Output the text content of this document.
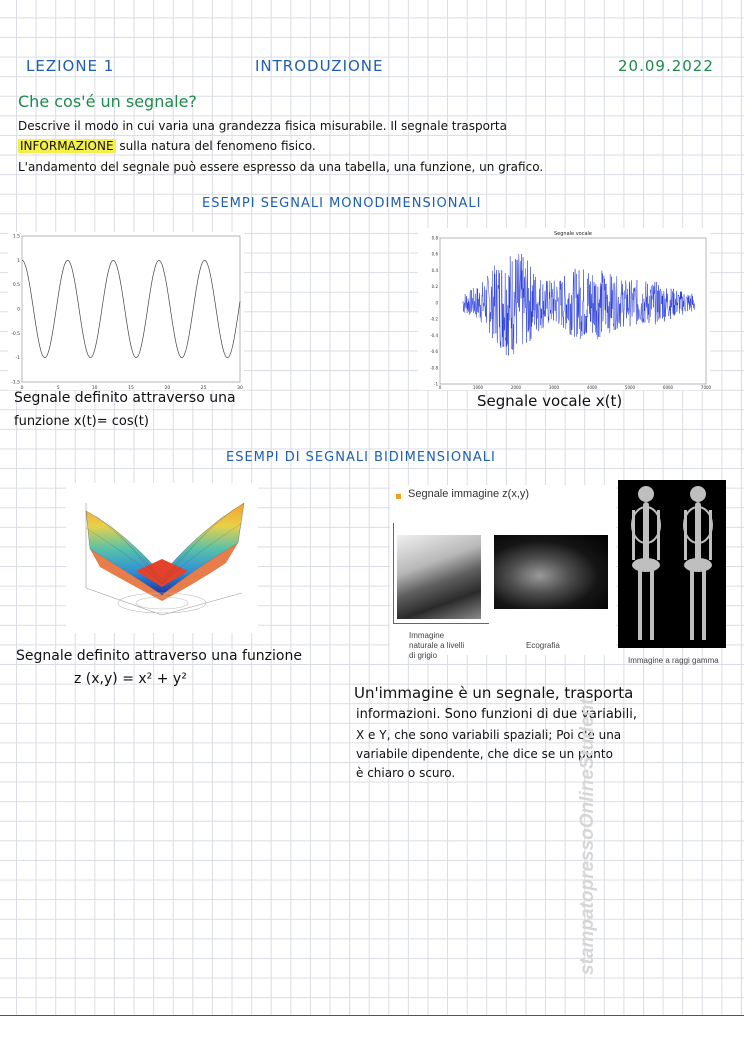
LEZIONE 1	INTRODUZIONE	20.09.2022
Che cos'é un segnale?
Descrive il modo in cui varia una grandezza fisica misurabile. Il segnale trasporta
INFORMAZIONE sulla natura del fenomeno fisico.
L'andamento del segnale può essere espresso da una tabella, una funzione, un grafico.
ESEMPI SEGNALI MONODIMENSIONALI
0	5	10	15	20	25	30
1.5
1
0.5
0
-0.5
-1
-1.5
Segnale definito attraverso una
funzione x(t)= cos(t)
Segnale vocale
0	1000	2000	3000	4000	5000	6000	7000
0.8
0.6
0.4
0.2
0
-0.2
-0.4
-0.6
-0.8
-1
Segnale vocale x(t)
ESEMPI DI SEGNALI BIDIMENSIONALI
Segnale definito attraverso una funzione
z (x,y) = x² + y²
Segnale immagine z(x,y)
Immagine naturale a livelli di grigio
Ecografia
Immagine a raggi gamma
Un'immagine è un segnale, trasporta
informazioni. Sono funzioni di due variabili,
X e Y, che sono variabili spaziali; Poi c'è una
variabile dipendente, che dice se un punto
è chiaro o scuro.	stampatopressoOnlineStudent
